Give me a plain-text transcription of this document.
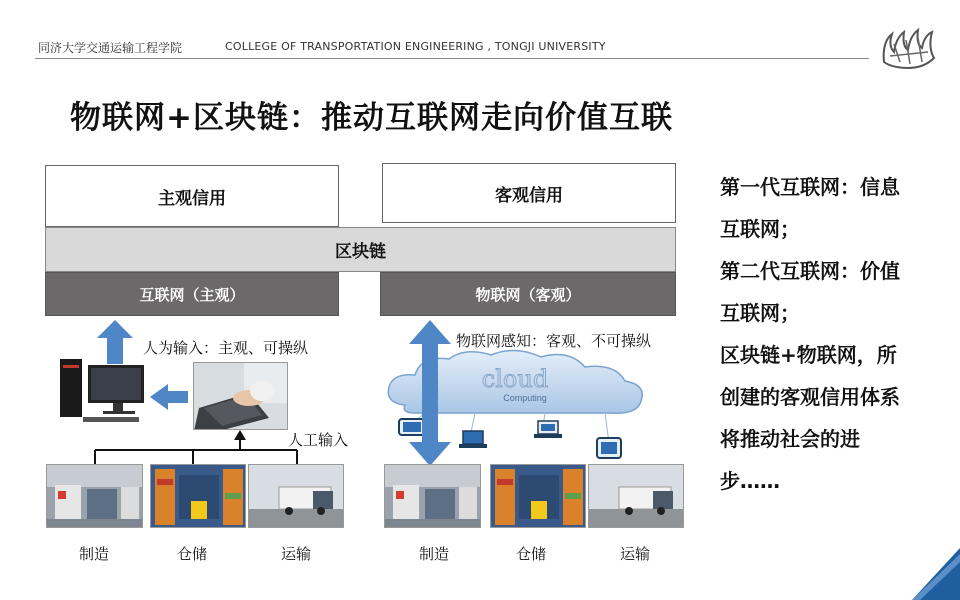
同济大学交通运输工程学院	COLLEGE OF TRANSPORTATION ENGINEERING , TONGJI UNIVERSITY
物联网+区块链：推动互联网走向价值互联
主观信用	客观信用
区块链
互联网（主观）	物联网（客观）
人为输入：主观、可操纵
人工输入
制造	仓储	运输
cloud
Computing
物联网感知：客观、不可操纵
制造	仓储	运输
第一代互联网：信息
互联网；
第二代互联网：价值
互联网；
区块链+物联网，所
创建的客观信用体系
将推动社会的进
步……
